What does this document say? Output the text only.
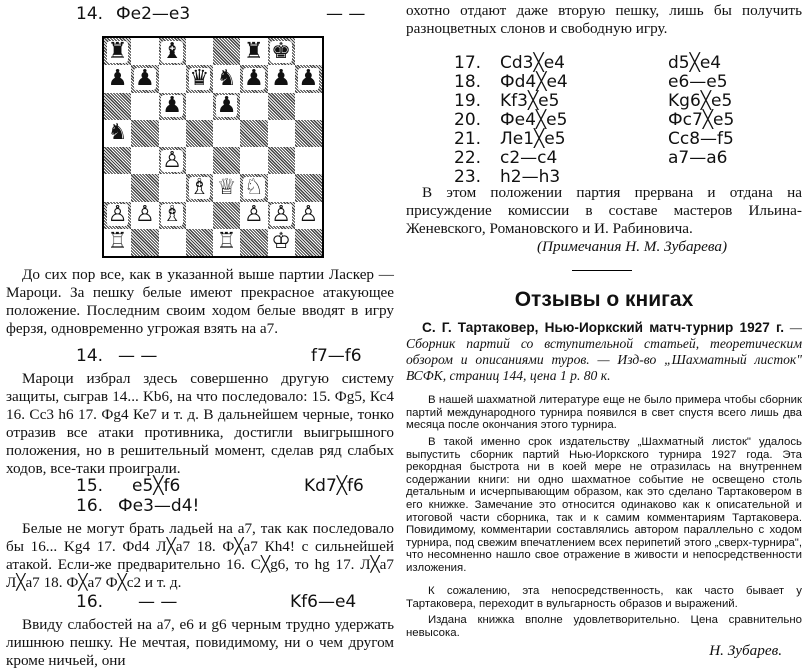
14. Фе2—е3	— —
♜ ♝	♜ ♚
♟ ♟ ♛ ♞ ♟ ♟ ♟
♟ ♟
♞
♙
♗ ♕ ♘
♙ ♙ ♗	♙ ♙ ♙
♖	♖ ♔

До сих пор все, как в указанной выше партии Ласкер — Мароци. За пешку белые имеют прекрасное атакующее положение. Последним своим ходом белые вводят в игру ферзя, одновременно угрожая взять на а7.

14. — —	f7—f6

Мароци избрал здесь совершенно другую систему защиты, сыграв 14... Kb6, на что последовало: 15. Фg5, Кс4 16. Сс3 h6 17. Фg4 Ке7 и т. д. В дальнейшем черные, тонко отразив все атаки противника, достигли выигрышного положения, но в решительный момент, сделав ряд слабых ходов, все-таки проиграли.

15. e5╳f6	Kd7╳f6
16. Фе3—d4!

Белые не могут брать ладьей на а7, так как последовало бы 16... Kg4 17. Фd4 Л╳а7 18. Ф╳а7 Кh4! с сильнейшей атакой. Если-же предварительно 16. С╳g6, то hg 17. Л╳а7 Л╳а7 18. Ф╳а7 Ф╳с2 и т. д.

16. — —	Kf6—e4

Ввиду слабостей на а7, е6 и g6 черным трудно удержать лишнюю пешку. Не мечтая, повидимому, ни о чем другом кроме ничьей, они

охотно отдают даже вторую пешку, лишь бы получить разноцветных слонов и свободную игру.

17. Cd3╳e4	d5╳e4
18. Фd4╳e4	e6—e5
19. Kf3╳e5	Kg6╳e5
20. Фe4╳e5	Фc7╳e5
21. Ле1╳e5	Сс8—f5
22. c2—c4	a7—a6
23. h2—h3

В этом положении партия прервана и отдана на присуждение комиссии в составе мастеров Ильина-Женевского, Романовского и И. Рабиновича.

(Примечания Н. М. Зубарева)

Отзывы о книгах

С. Г. Тартаковер, Нью-Иоркский матч-турнир 1927 г. — Сборник партий со вступительной статьей, теоретическим обзором и описаниями туров. — Изд-во „Шахматный листок" ВСФК, страниц 144, цена 1 р. 80 к.

В нашей шахматной литературе еще не было примера чтобы сборник партий международного турнира появился в свет спустя всего лишь два месяца после окончания этого турнира.

В такой именно срок издательству „Шахматный листок" удалось выпустить сборник партий Нью-Иоркского турнира 1927 года. Эта рекордная быстрота ни в коей мере не отразилась на внутреннем содержании книги: ни одно шахматное событие не освещено столь детальным и исчерпывающим образом, как это сделано Тартаковером в его книжке. Замечание это относится одинаково как к описательной и итоговой части сборника, так и к самим комментариям Тартаковера. Повидимому, комментарии составлялись автором параллельно с ходом турнира, под свежим впечатлением всех перипетий этого „сверх-турнира", что несомненно нашло свое отражение в живости и непосредственности изложения.

К сожалению, эта непосредственность, как часто бывает у Тартаковера, переходит в вульгарность образов и выражений.

Издана книжка вполне удовлетворительно. Цена сравнительно невысока.

Н. Зубарев.
